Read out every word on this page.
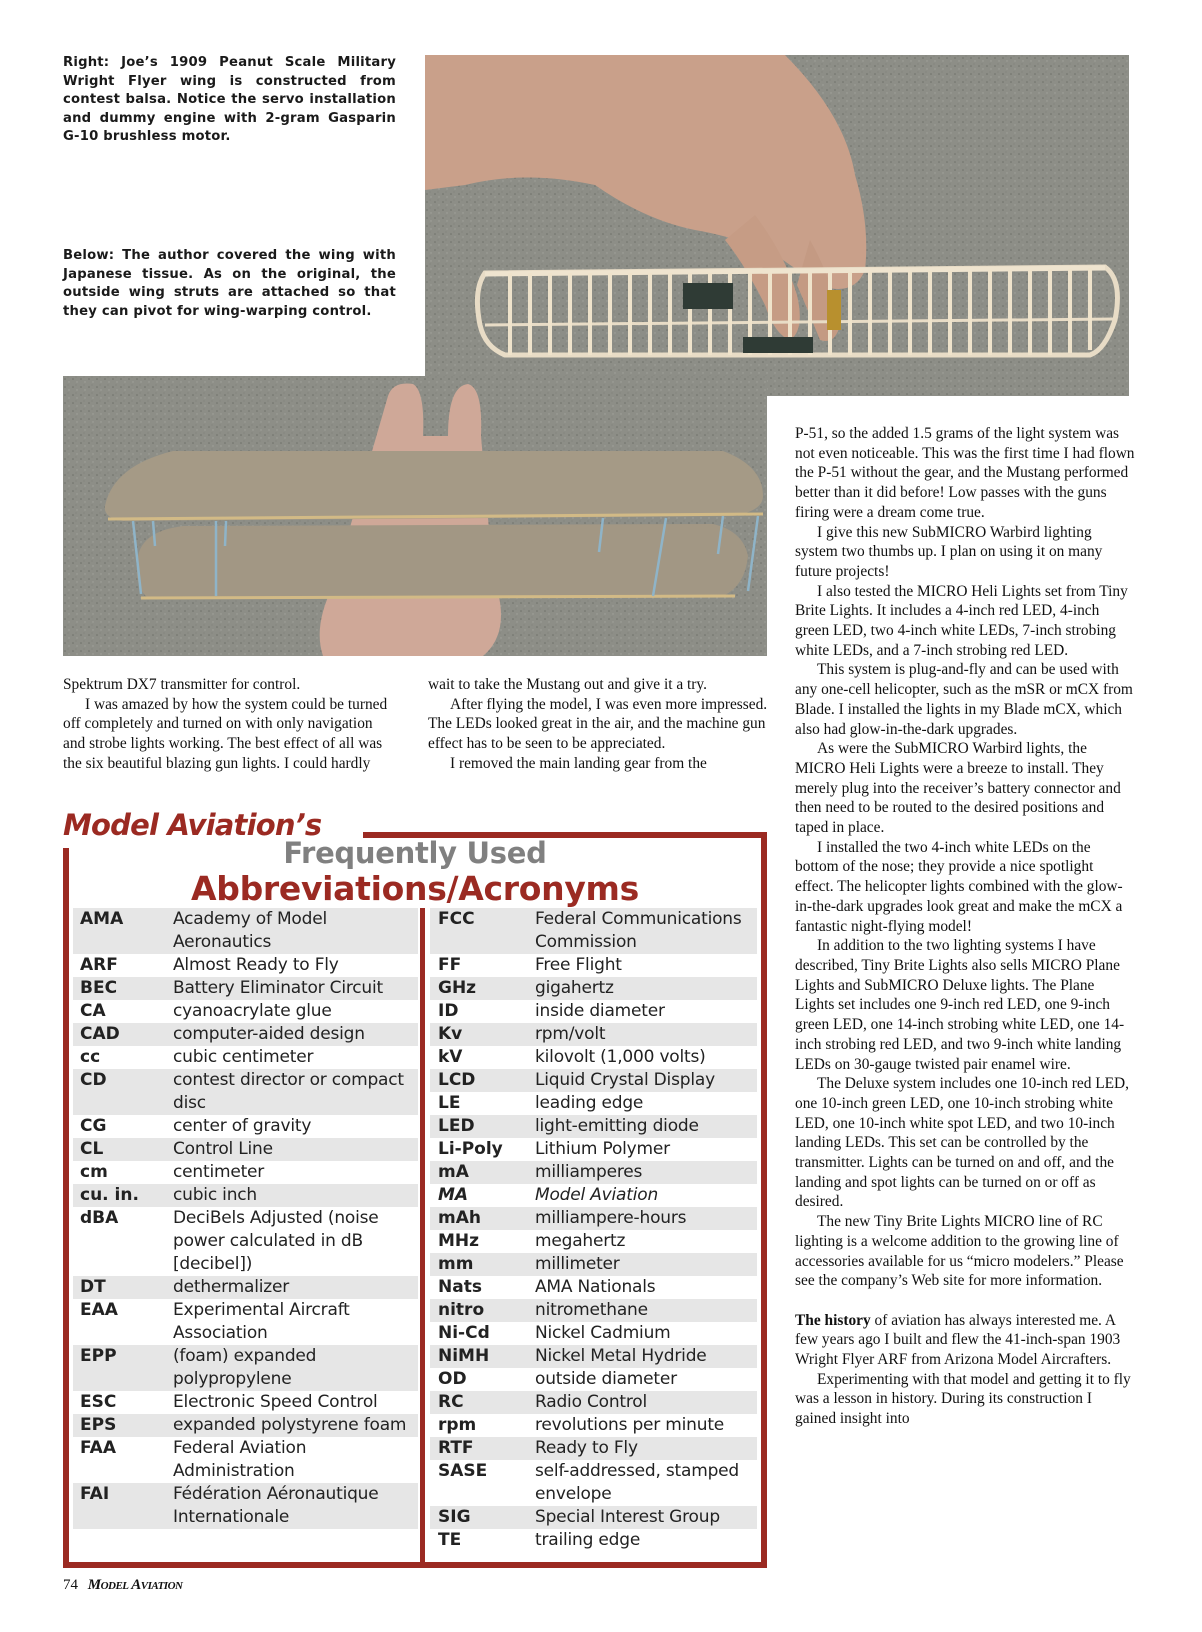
Right: Joe’s 1909 Peanut Scale Military Wright Flyer wing is constructed from contest balsa. Notice the servo installation and dummy engine with 2-gram Gasparin G-10 brushless motor.

Below: The author covered the wing with Japanese tissue. As on the original, the outside wing struts are attached so that they can pivot for wing-warping control.

Spektrum DX7 transmitter for control.

I was amazed by how the system could be turned off completely and turned on with only navigation and strobe lights working. The best effect of all was the six beautiful blazing gun lights. I could hardly

wait to take the Mustang out and give it a try.

After flying the model, I was even more impressed. The LEDs looked great in the air, and the machine gun effect has to be seen to be appreciated.

I removed the main landing gear from the

P-51, so the added 1.5 grams of the light system was not even noticeable. This was the first time I had flown the P-51 without the gear, and the Mustang performed better than it did before! Low passes with the guns firing were a dream come true.

I give this new SubMICRO Warbird lighting system two thumbs up. I plan on using it on many future projects!

I also tested the MICRO Heli Lights set from Tiny Brite Lights. It includes a 4-inch red LED, 4-inch green LED, two 4-inch white LEDs, 7-inch strobing white LEDs, and a 7-inch strobing red LED.

This system is plug-and-fly and can be used with any one-cell helicopter, such as the mSR or mCX from Blade. I installed the lights in my Blade mCX, which also had glow-in-the-dark upgrades.

As were the SubMICRO Warbird lights, the MICRO Heli Lights were a breeze to install. They merely plug into the receiver’s battery connector and then need to be routed to the desired positions and taped in place.

I installed the two 4-inch white LEDs on the bottom of the nose; they provide a nice spotlight effect. The helicopter lights combined with the glow-in-the-dark upgrades look great and make the mCX a fantastic night-flying model!

In addition to the two lighting systems I have described, Tiny Brite Lights also sells MICRO Plane Lights and SubMICRO Deluxe lights. The Plane Lights set includes one 9-inch red LED, one 9-inch green LED, one 14-inch strobing white LED, one 14-inch strobing red LED, and two 9-inch white landing LEDs on 30-gauge twisted pair enamel wire.

The Deluxe system includes one 10-inch red LED, one 10-inch green LED, one 10-inch strobing white LED, one 10-inch white spot LED, and two 10-inch landing LEDs. This set can be controlled by the transmitter. Lights can be turned on and off, and the landing and spot lights can be turned on or off as desired.

The new Tiny Brite Lights MICRO line of RC lighting is a welcome addition to the growing line of accessories available for us “micro modelers.” Please see the company’s Web site for more information.

The history of aviation has always interested me. A few years ago I built and flew the 41-inch-span 1903 Wright Flyer ARF from Arizona Model Aircrafters.

Experimenting with that model and getting it to fly was a lesson in history. During its construction I gained insight into

Model Aviation’s
Frequently Used
Abbreviations/Acronyms
AMA	Academy of Model Aeronautics
ARF	Almost Ready to Fly
BEC	Battery Eliminator Circuit
CA	cyanoacrylate glue
CAD	computer-aided design
cc	cubic centimeter
CD	contest director or compact disc
CG	center of gravity
CL	Control Line
cm	centimeter
cu. in.	cubic inch
dBA	DeciBels Adjusted (noise power calculated in dB [decibel])
DT	dethermalizer
EAA	Experimental Aircraft Association
EPP	(foam) expanded polypropylene
ESC	Electronic Speed Control
EPS	expanded polystyrene foam
FAA	Federal Aviation Administration
FAI	Fédération Aéronautique Internationale
FCC	Federal Communications Commission
FF	Free Flight
GHz	gigahertz
ID	inside diameter
Kv	rpm/volt
kV	kilovolt (1,000 volts)
LCD	Liquid Crystal Display
LE	leading edge
LED	light-emitting diode
Li-Poly	Lithium Polymer
mA	milliamperes
MA	Model Aviation
mAh	milliampere-hours
MHz	megahertz
mm	millimeter
Nats	AMA Nationals
nitro	nitromethane
Ni-Cd	Nickel Cadmium
NiMH	Nickel Metal Hydride
OD	outside diameter
RC	Radio Control
rpm	revolutions per minute
RTF	Ready to Fly
SASE	self-addressed, stamped envelope
SIG	Special Interest Group
TE	trailing edge
74 Model Aviation
